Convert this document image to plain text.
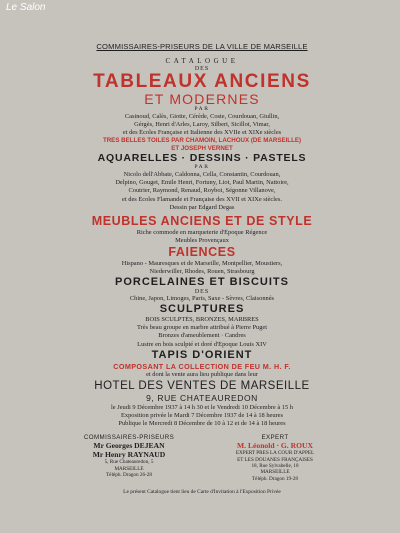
Le Salon
COMMISSAIRES-PRISEURS DE LA VILLE DE MARSEILLE
CATALOGUE
DES
TABLEAUX ANCIENS
ET MODERNES
PAR
Casinoud, Calès, Giotte, Cérède, Coste, Courdouan, Giullin,
Gérgès, Henri d'Arles, Laroy, Silbert, Sicillot, Vimar,
et des Écoles Française et Italienne des XVIIe et XIXe siècles
TRÈS BELLES TOILES PAR CHAMOIN, LACHOUX (DE MARSEILLE)
ET JOSEPH VERNET
AQUARELLES · DESSINS · PASTELS
PAR
Nicolo dell'Abbate, Caldonna, Cella, Constantin, Courdouan,
Delpino, Gouget, Emile Henri, Fortuny, Liot, Paul Martin, Nattoire,
Coutrier, Raymond, Renaud, Royboi, Ségonne Villanove,
et des Écoles Flamande et Française des XVII et XIXe siècles.
Dessin par Edgard Degas
MEUBLES ANCIENS ET DE STYLE
Riche commode en marqueterie d'Époque Régence
Meubles Provençaux
FAIENCES
Hispano - Mauresques et de Marseille, Montpellier, Moustiers,
Niederwiller, Rhodes, Rouen, Strasbourg
PORCELAINES ET BISCUITS
DES
Chine, Japon, Limoges, Paris, Saxe - Sèvres, Claisonnés
SCULPTURES
BOIS SCULPTÉS, BRONZES, MARBRES
Très beau groupe en marbre attribué à Pierre Puget
Bronzes d'ameublement · Candres
Lustre en bois sculpté et doré d'Époque Louis XIV
TAPIS D'ORIENT
COMPOSANT LA COLLECTION DE FEU M. H. F.
et dont la vente aura lieu publique dans leur
HOTEL DES VENTES DE MARSEILLE
9, RUE CHATEAUREDON
le Jeudi 9 Décembre 1937 à 14 h 30 et le Vendredi 10 Décembre à 15 h
Exposition privée le Mardi 7 Décembre 1937 de 14 à 18 heures
Publique le Mercredi 8 Décembre de 10 à 12 et de 14 à 18 heures
COMMISSAIRES-PRISEURS
Mr Georges DEJEAN
Mr Henry RAYNAUD
5, Rue Chateauredon, 5
MARSEILLE
Téléph. Dragon 26-28
EXPERT
M. Léonold · G. ROUX
EXPERT PRES LA COUR D'APPEL
ET LES DOUANES FRANÇAISES
18, Rue Sylvabelle, 18
MARSEILLE
Téléph. Dragon 19-28
Le présent Catalogue tient lieu de Carte d'Invitation à l'Exposition Privée
